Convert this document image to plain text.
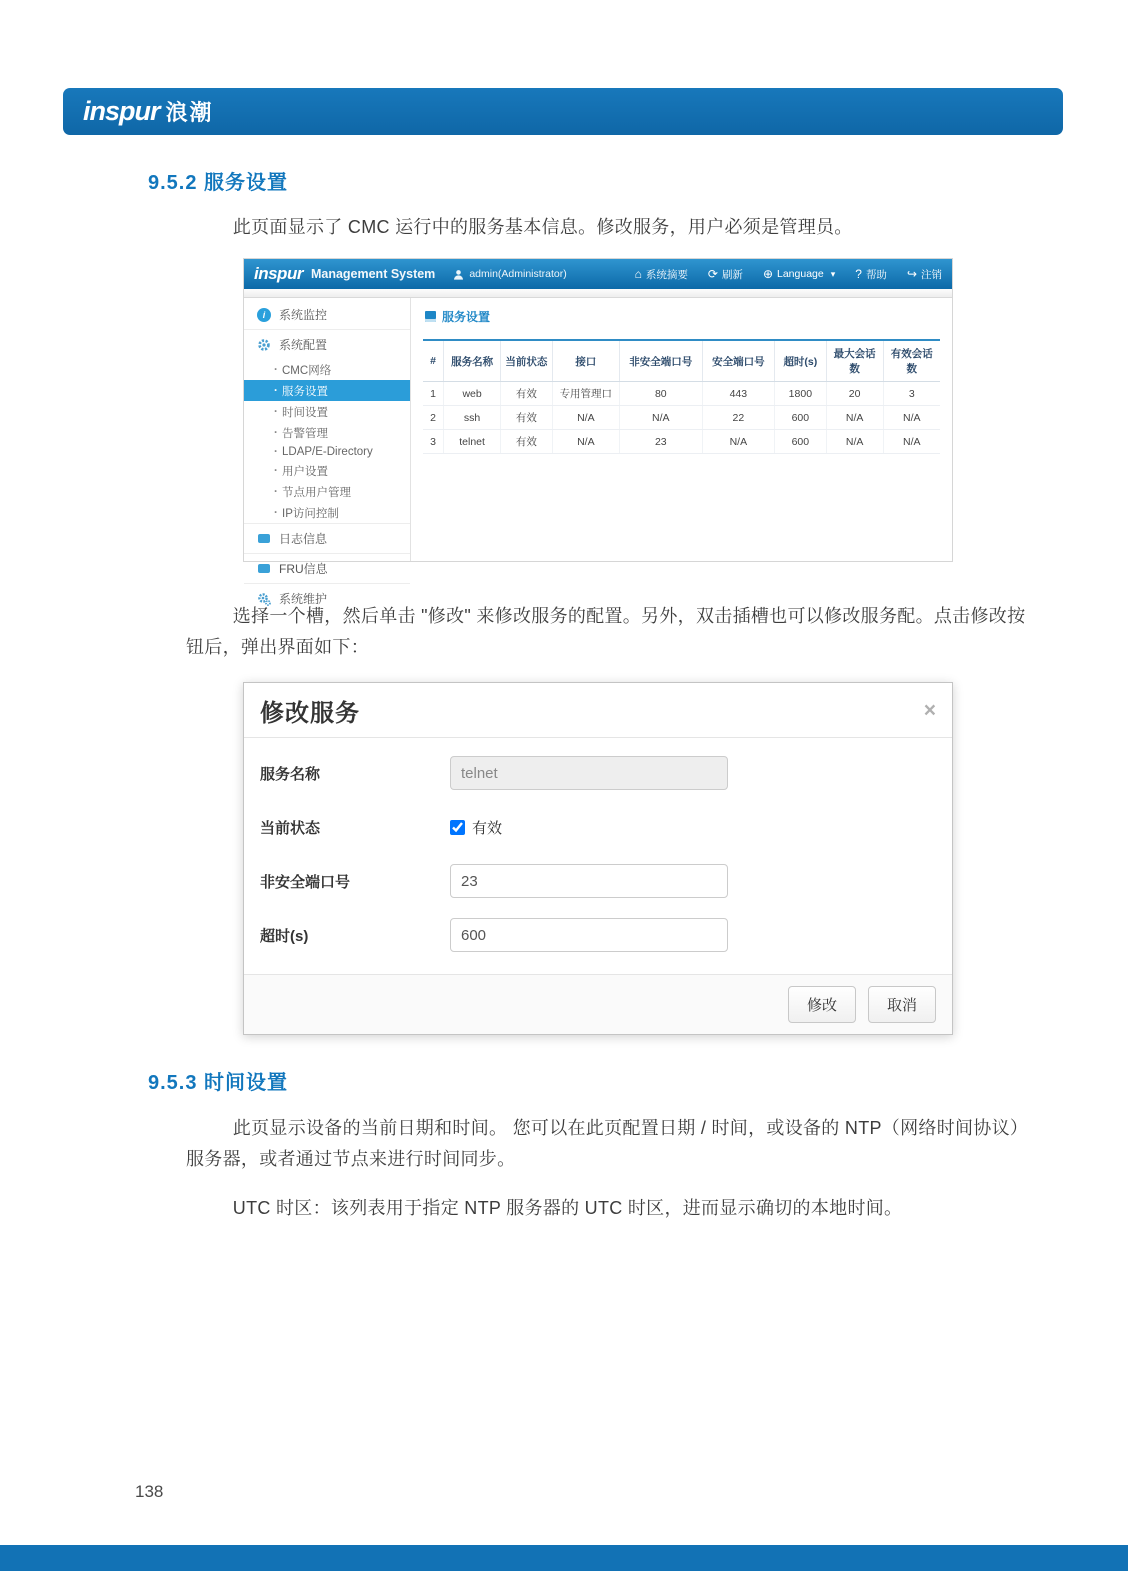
inspur 浪潮
9.5.2 服务设置
此页面显示了 CMC 运行中的服务基本信息。修改服务，用户必须是管理员。
inspur Management System	admin(Administrator)	⌂ 系统摘要 ⟳ 刷新 ⊕ Language
▾	? 帮助 ↪ 注销
i	系统监控
系统配置
· CMC网络
· 服务设置
· 时间设置
· 告警管理
· LDAP/E-Directory
· 用户设置
· 节点用户管理
· IP访问控制
日志信息
FRU信息
系统维护
服务设置
#	服务名称	当前状态	接口	非安全端口号	安全端口号	超时(s)	最大会话数	有效会话数
1	web	有效	专用管理口	80	443	1800	20	3
2	ssh	有效	N/A	N/A	22	600	N/A	N/A
3	telnet	有效	N/A	23	N/A	600	N/A	N/A
选择一个槽，然后单击 "修改" 来修改服务的配置。另外，双击插槽也可以修改服务配。点击修改按钮后，弹出界面如下：
修改服务	×
服务名称
telnet
当前状态	有效
非安全端口号
23
超时(s)
600
修改	取消
9.5.3 时间设置
此页显示设备的当前日期和时间。 您可以在此页配置日期 / 时间，或设备的 NTP（网络时间协议）服务器，或者通过节点来进行时间同步。
UTC 时区：该列表用于指定 NTP 服务器的 UTC 时区，进而显示确切的本地时间。
138
